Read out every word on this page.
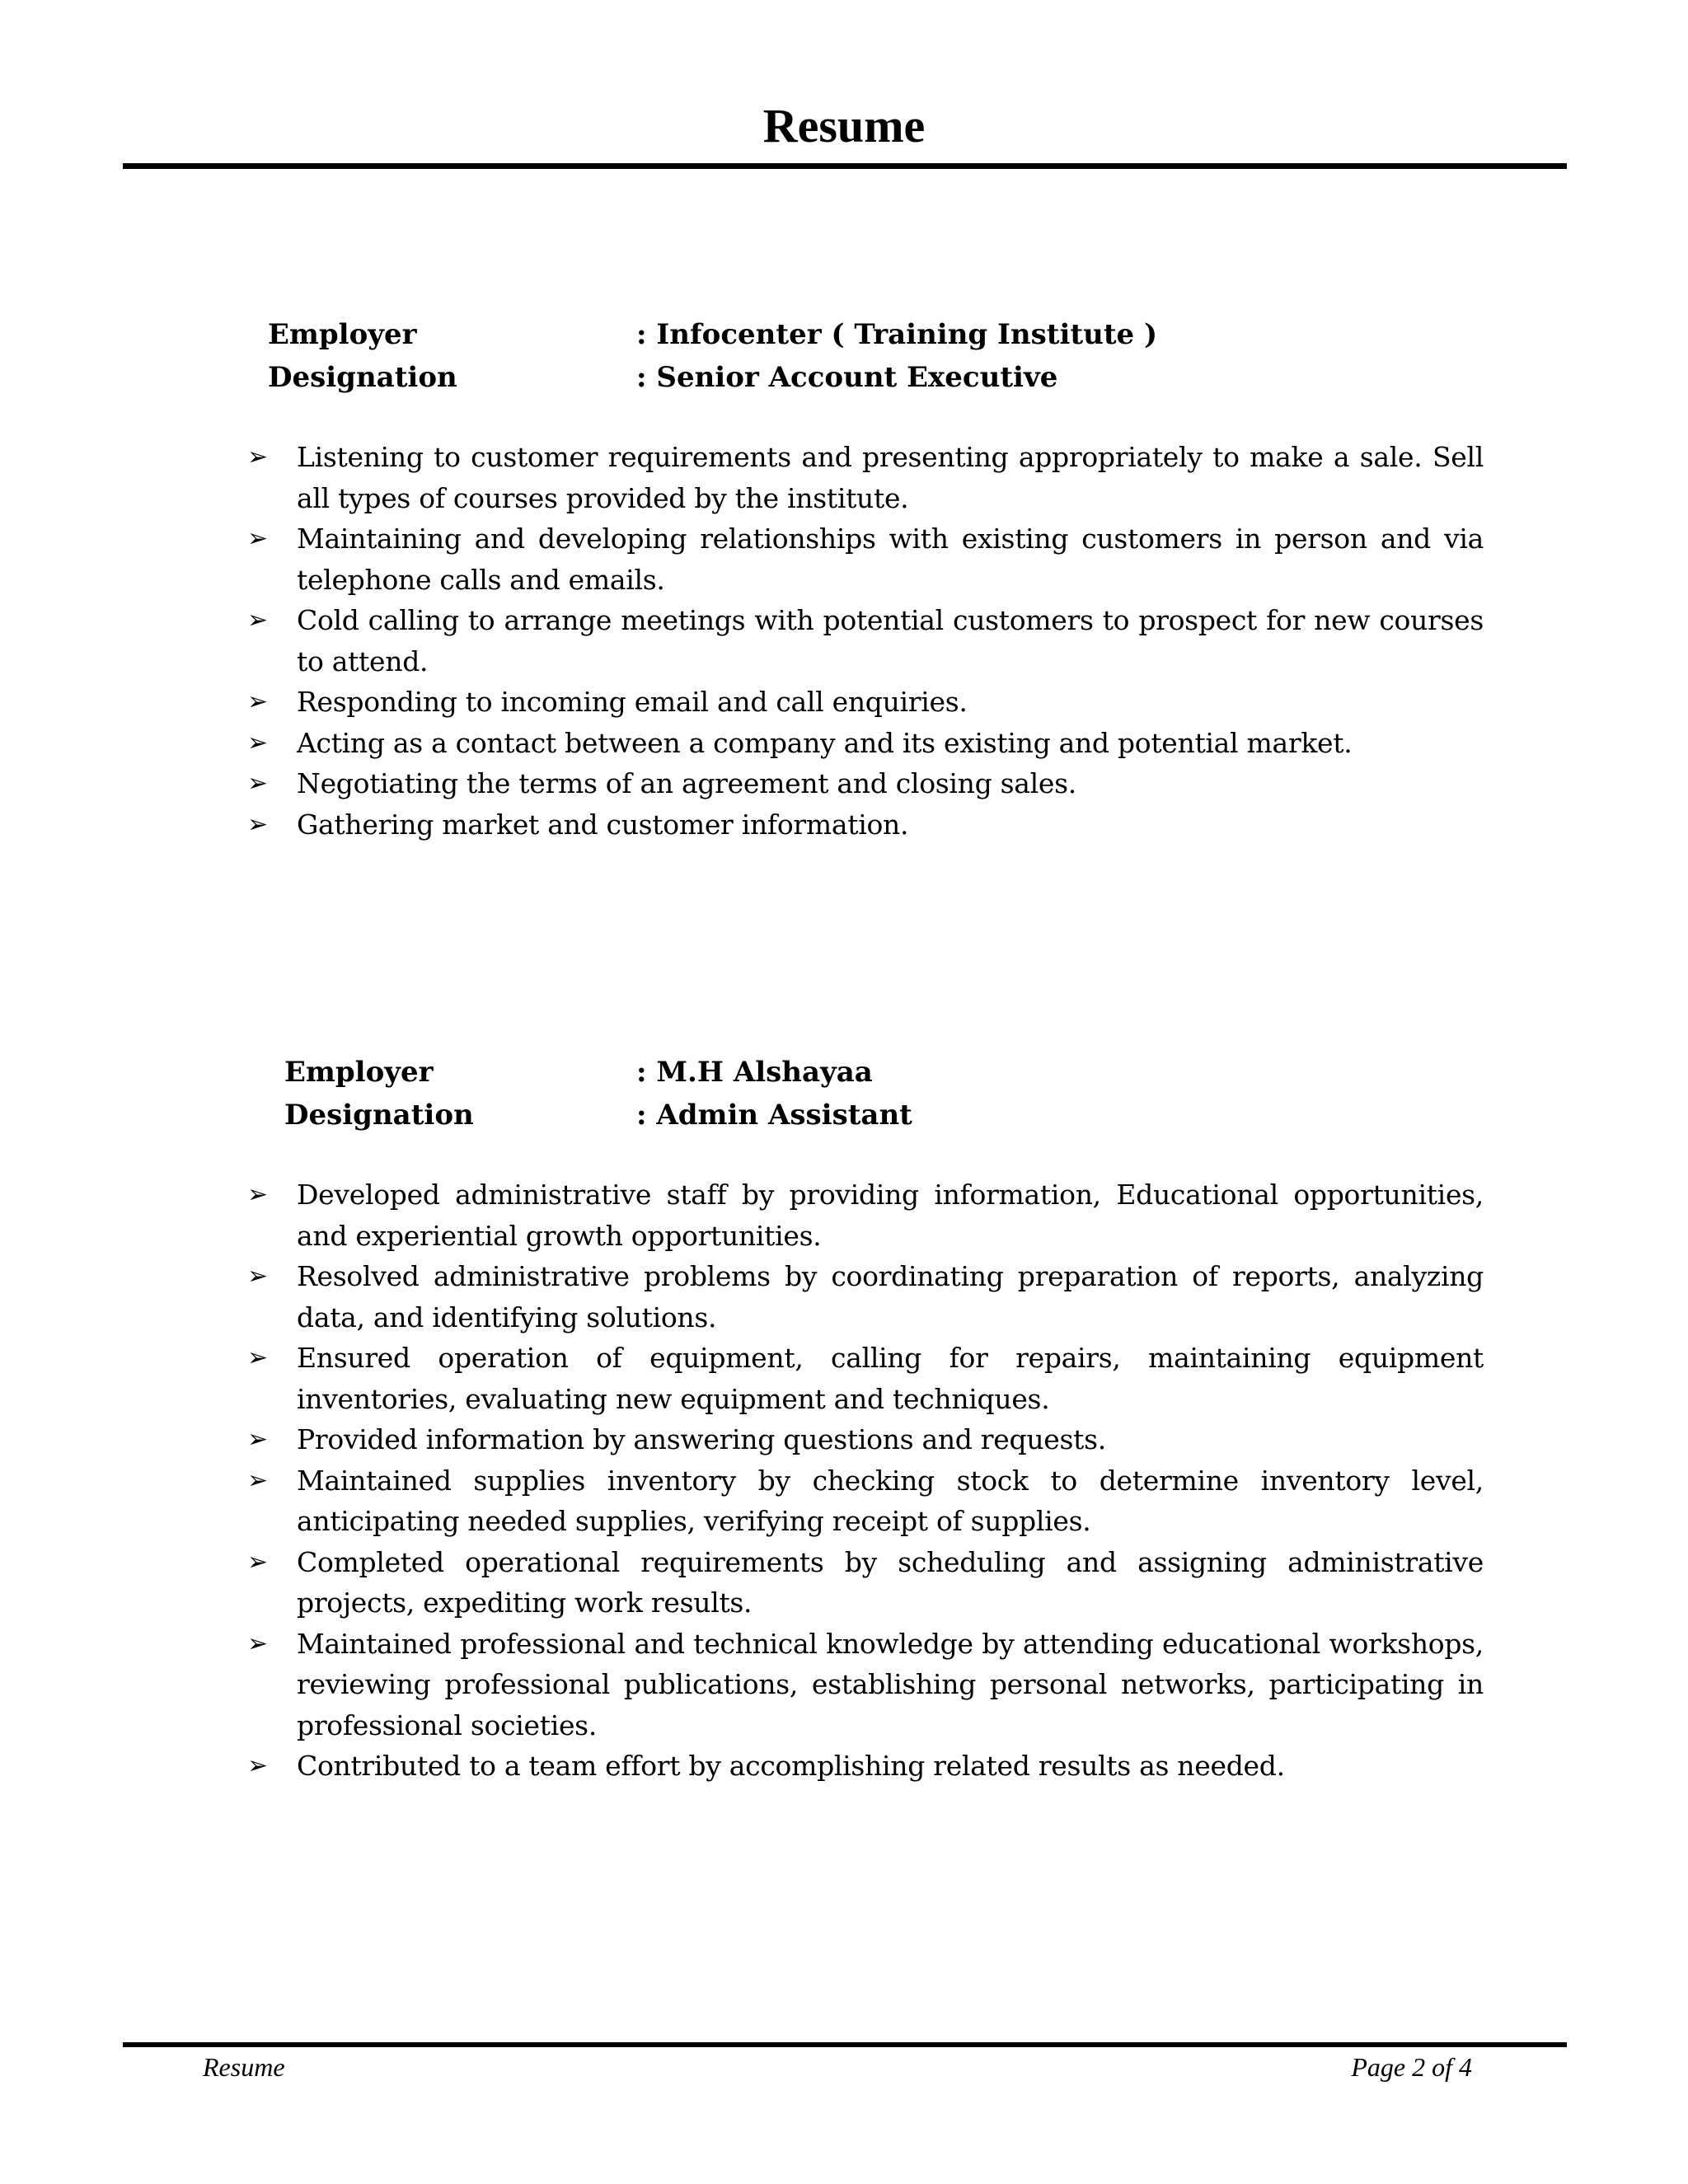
Resume
Employer	: Infocenter ( Training Institute )
Designation	: Senior Account Executive
➢	Listening to customer requirements and presenting appropriately to make a sale. Sell all types of courses provided by the institute.
➢	Maintaining and developing relationships with existing customers in person and via telephone calls and emails.
➢	Cold calling to arrange meetings with potential customers to prospect for new courses to attend.
➢	Responding to incoming email and call enquiries.
➢	Acting as a contact between a company and its existing and potential market.
➢	Negotiating the terms of an agreement and closing sales.
➢	Gathering market and customer information.
Employer	: M.H Alshayaa
Designation	: Admin Assistant
➢	Developed administrative staff by providing information, Educational opportunities, and experiential growth opportunities.
➢	Resolved administrative problems by coordinating preparation of reports, analyzing data, and identifying solutions.
➢	Ensured operation of equipment, calling for repairs, maintaining equipment inventories, evaluating new equipment and techniques.
➢	Provided information by answering questions and requests.
➢	Maintained supplies inventory by checking stock to determine inventory level, anticipating needed supplies, verifying receipt of supplies.
➢	Completed operational requirements by scheduling and assigning administrative projects, expediting work results.
➢	Maintained professional and technical knowledge by attending educational workshops, reviewing professional publications, establishing personal networks, participating in professional societies.
➢	Contributed to a team effort by accomplishing related results as needed.
Resume	Page 2 of 4
